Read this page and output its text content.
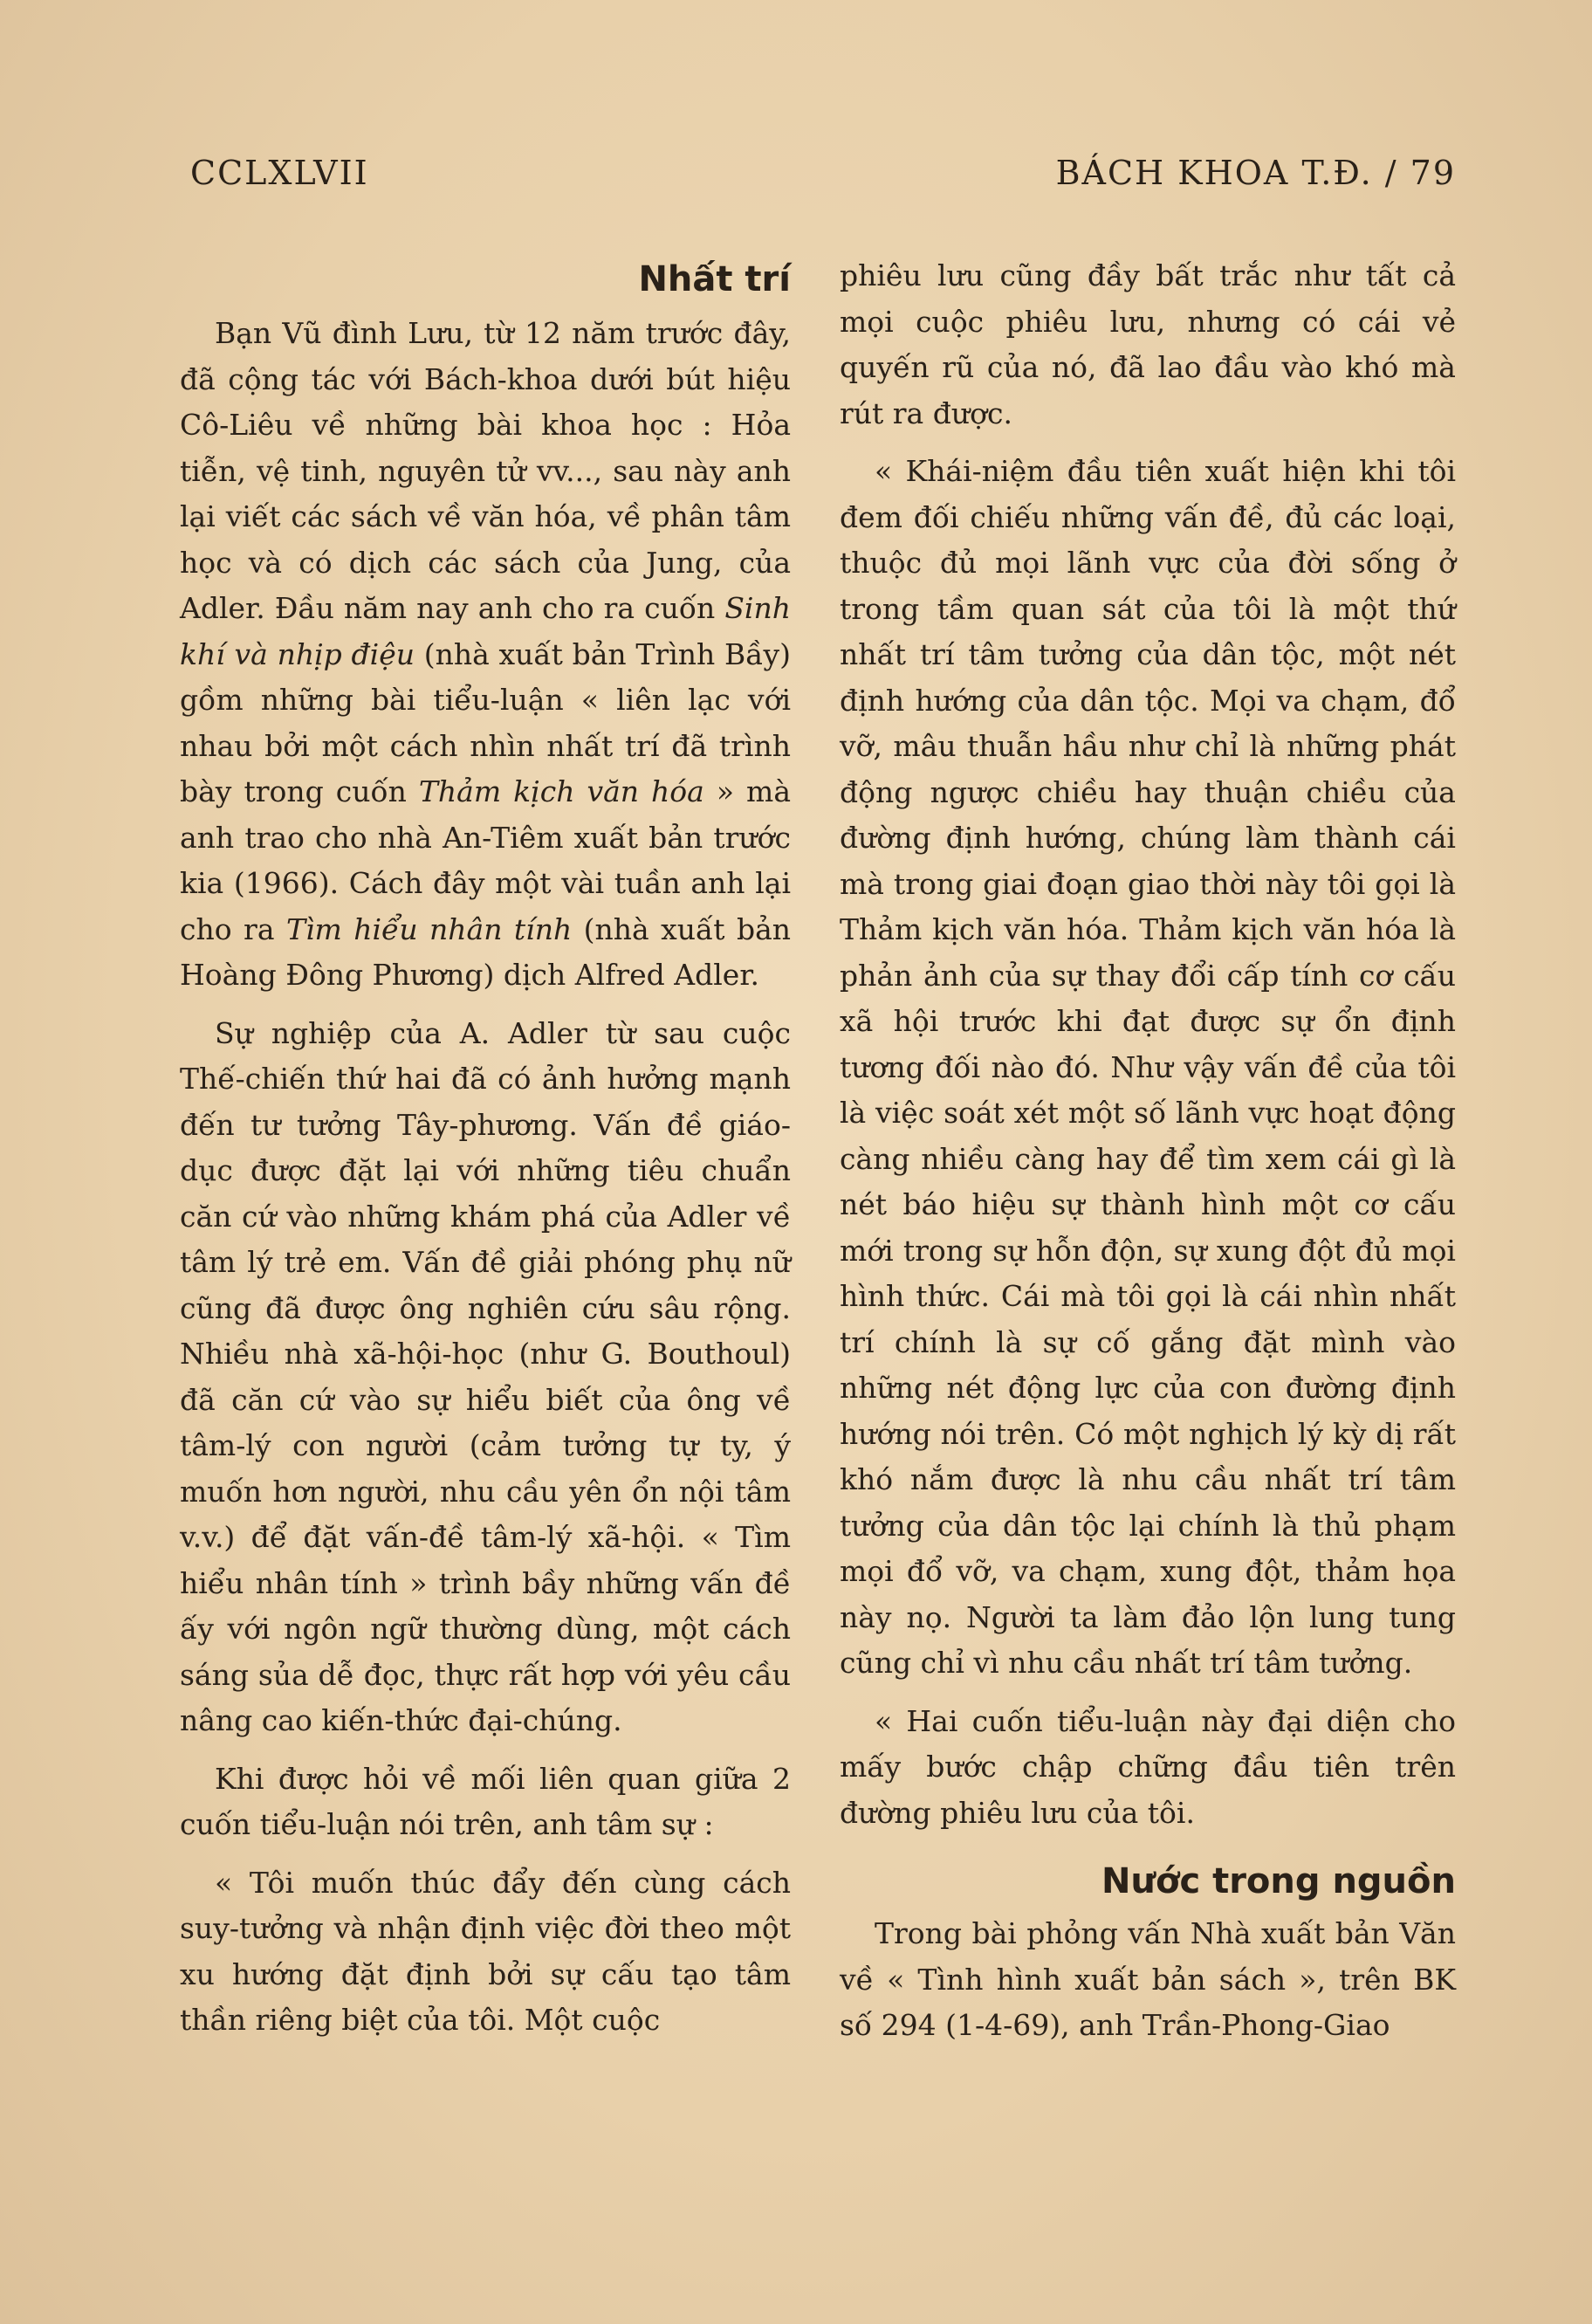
CCLXLVII	BÁCH KHOA T.Đ. / 79
Nhất trí

Bạn Vũ đình Lưu, từ 12 năm trước đây, đã cộng tác với Bách-khoa dưới bút hiệu Cô-Liêu về những bài khoa học : Hỏa tiễn, vệ tinh, nguyên tử vv..., sau này anh lại viết các sách về văn hóa, về phân tâm học và có dịch các sách của Jung, của Adler. Đầu năm nay anh cho ra cuốn Sinh khí và nhịp điệu (nhà xuất bản Trình Bầy) gồm những bài tiểu-luận « liên lạc với nhau bởi một cách nhìn nhất trí đã trình bày trong cuốn Thảm kịch văn hóa » mà anh trao cho nhà An-Tiêm xuất bản trước kia (1966). Cách đây một vài tuần anh lại cho ra Tìm hiểu nhân tính (nhà xuất bản Hoàng Đông Phương) dịch Alfred Adler.

Sự nghiệp của A. Adler từ sau cuộc Thế-chiến thứ hai đã có ảnh hưởng mạnh đến tư tưởng Tây-phương. Vấn đề giáo-dục được đặt lại với những tiêu chuẩn căn cứ vào những khám phá của Adler về tâm lý trẻ em. Vấn đề giải phóng phụ nữ cũng đã được ông nghiên cứu sâu rộng. Nhiều nhà xã-hội-học (như G. Bouthoul) đã căn cứ vào sự hiểu biết của ông về tâm-lý con người (cảm tưởng tự ty, ý muốn hơn người, nhu cầu yên ổn nội tâm v.v.) để đặt vấn-đề tâm-lý xã-hội. « Tìm hiểu nhân tính » trình bầy những vấn đề ấy với ngôn ngữ thường dùng, một cách sáng sủa dễ đọc, thực rất hợp với yêu cầu nâng cao kiến-thức đại-chúng.

Khi được hỏi về mối liên quan giữa 2 cuốn tiểu-luận nói trên, anh tâm sự :

« Tôi muốn thúc đẩy đến cùng cách suy-tưởng và nhận định việc đời theo một xu hướng đặt định bởi sự cấu tạo tâm thần riêng biệt của tôi. Một cuộc

phiêu lưu cũng đầy bất trắc như tất cả mọi cuộc phiêu lưu, nhưng có cái vẻ quyến rũ của nó, đã lao đầu vào khó mà rút ra được.

« Khái-niệm đầu tiên xuất hiện khi tôi đem đối chiếu những vấn đề, đủ các loại, thuộc đủ mọi lãnh vực của đời sống ở trong tầm quan sát của tôi là một thứ nhất trí tâm tưởng của dân tộc, một nét định hướng của dân tộc. Mọi va chạm, đổ vỡ, mâu thuẫn hầu như chỉ là những phát động ngược chiều hay thuận chiều của đường định hướng, chúng làm thành cái mà trong giai đoạn giao thời này tôi gọi là Thảm kịch văn hóa. Thảm kịch văn hóa là phản ảnh của sự thay đổi cấp tính cơ cấu xã hội trước khi đạt được sự ổn định tương đối nào đó. Như vậy vấn đề của tôi là việc soát xét một số lãnh vực hoạt động càng nhiều càng hay để tìm xem cái gì là nét báo hiệu sự thành hình một cơ cấu mới trong sự hỗn độn, sự xung đột đủ mọi hình thức. Cái mà tôi gọi là cái nhìn nhất trí chính là sự cố gắng đặt mình vào những nét động lực của con đường định hướng nói trên. Có một nghịch lý kỳ dị rất khó nắm được là nhu cầu nhất trí tâm tưởng của dân tộc lại chính là thủ phạm mọi đổ vỡ, va chạm, xung đột, thảm họa này nọ. Người ta làm đảo lộn lung tung cũng chỉ vì nhu cầu nhất trí tâm tưởng.

« Hai cuốn tiểu-luận này đại diện cho mấy bước chập chững đầu tiên trên đường phiêu lưu của tôi.

Nước trong nguồn

Trong bài phỏng vấn Nhà xuất bản Văn về « Tình hình xuất bản sách », trên BK số 294 (1-4-69), anh Trần-Phong-Giao
